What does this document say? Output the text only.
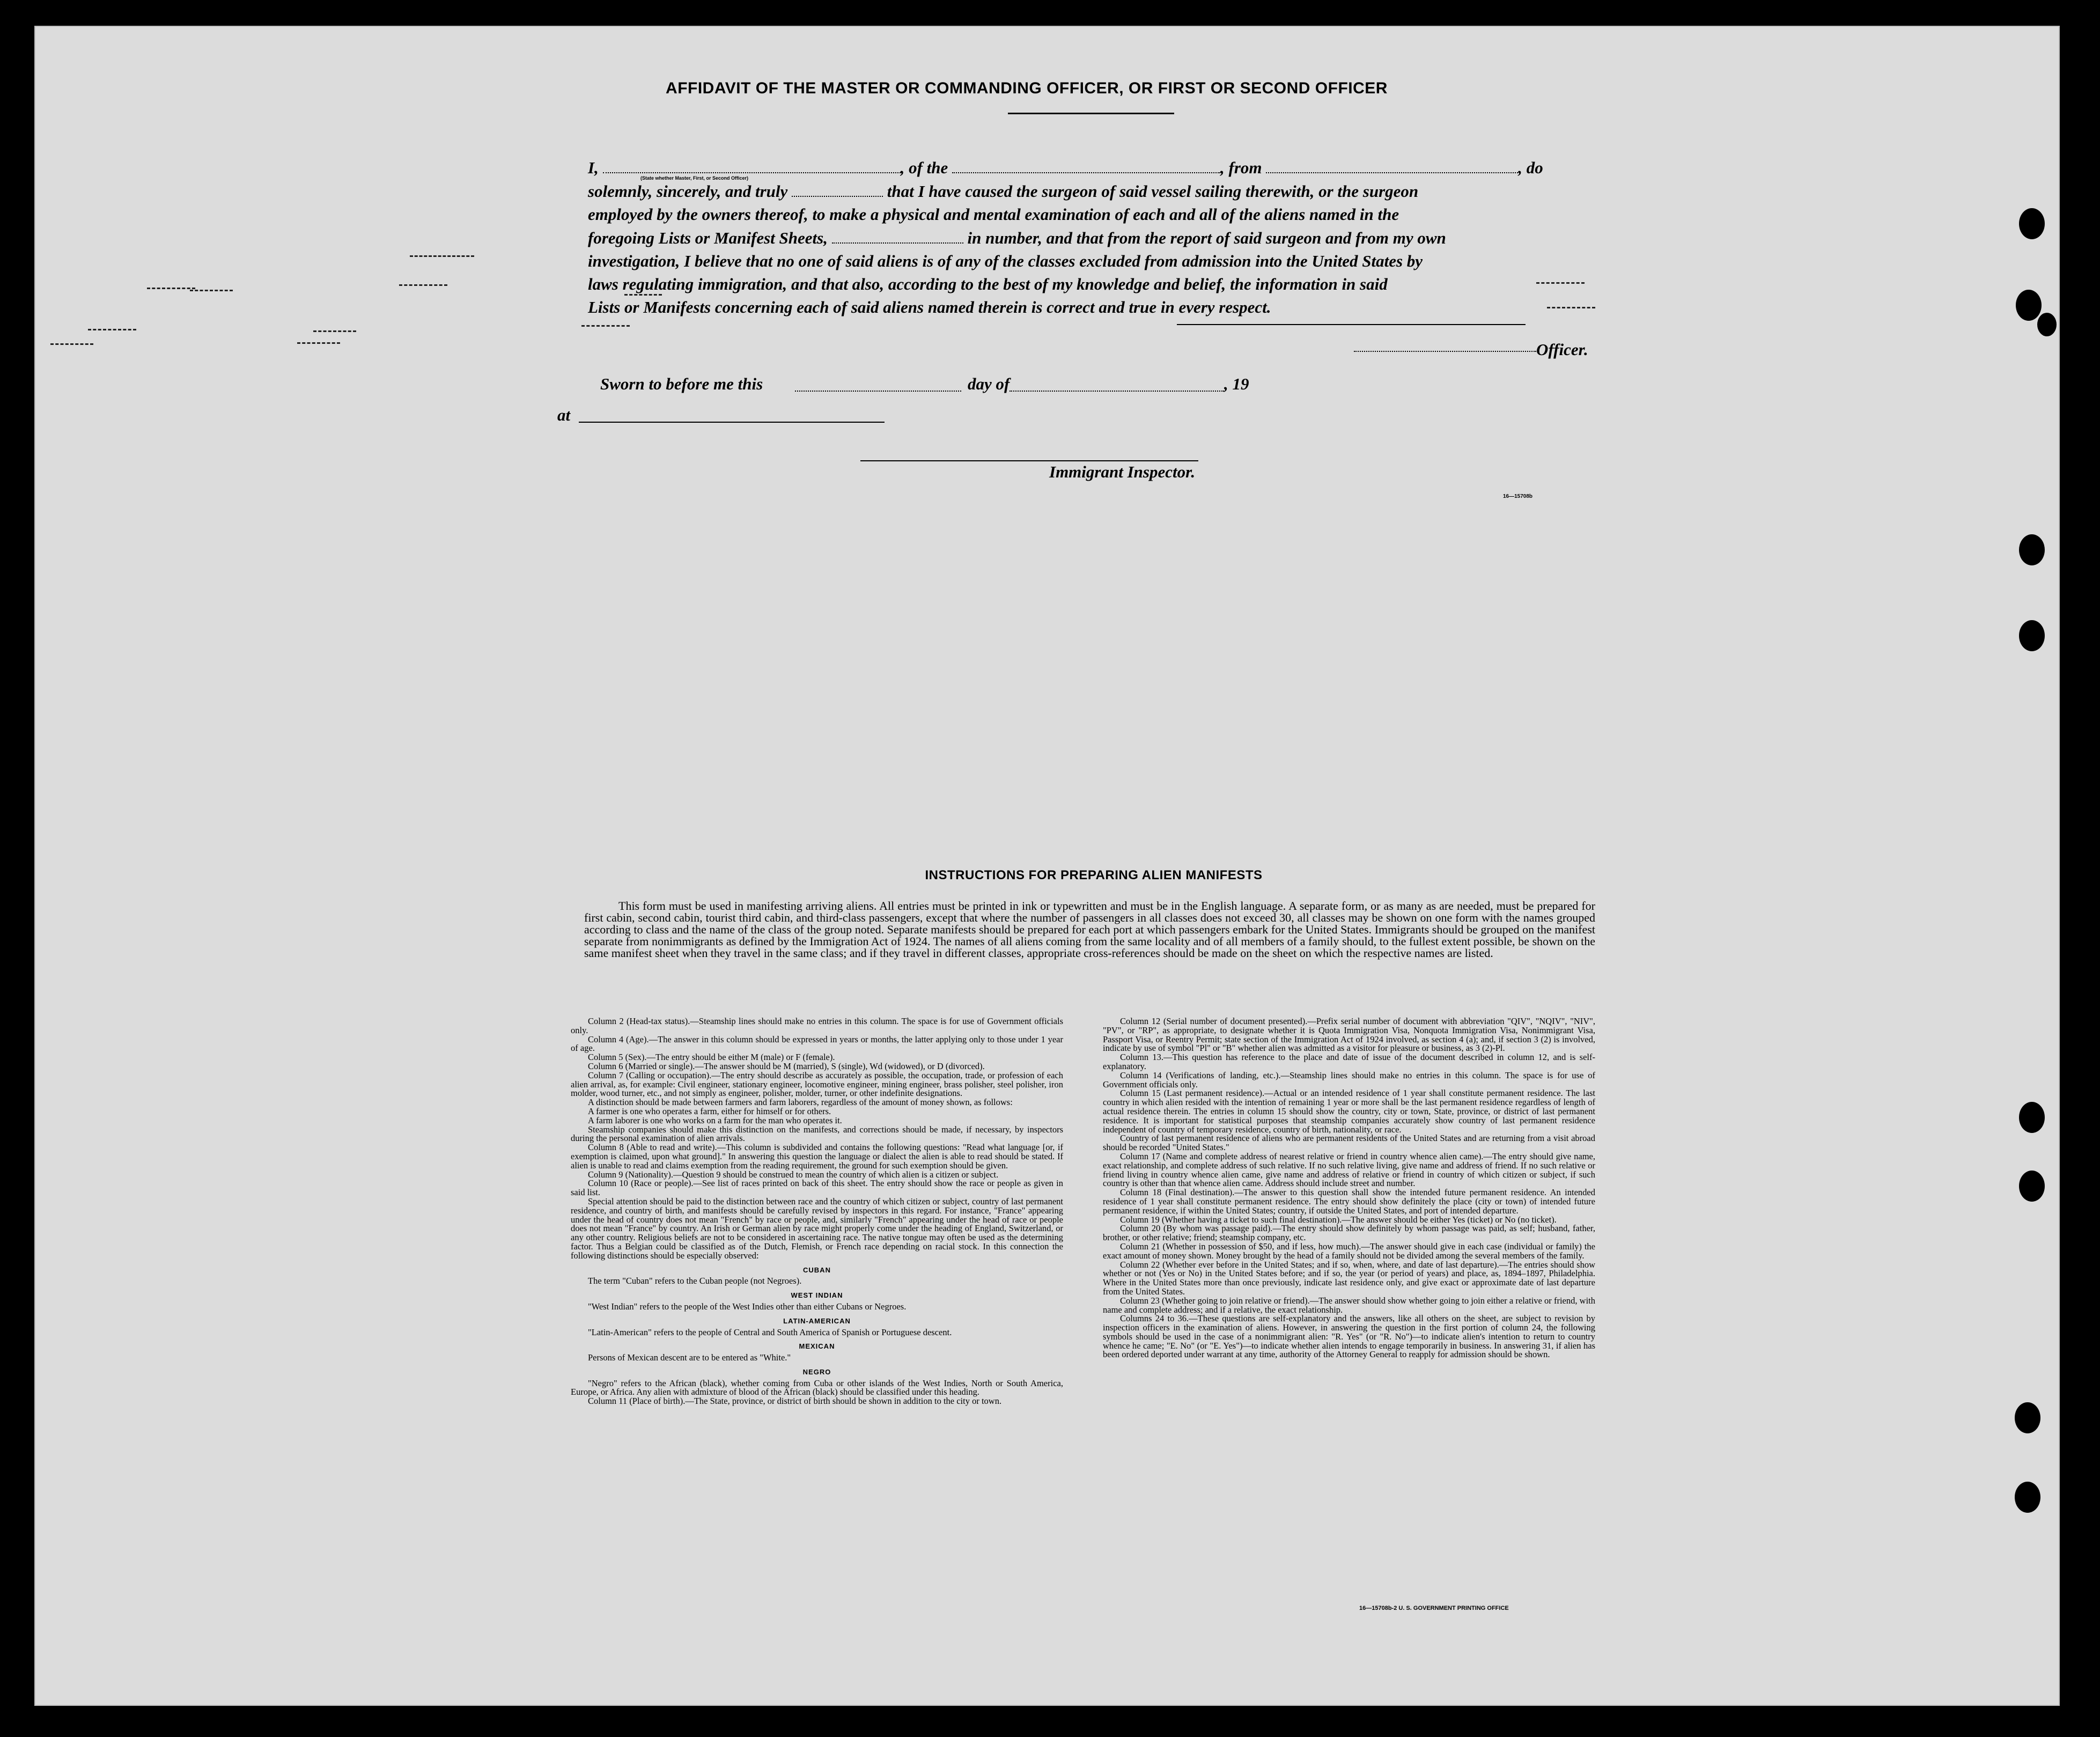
AFFIDAVIT OF THE MASTER OR COMMANDING OFFICER, OR FIRST OR SECOND OFFICER
I,	, of the	, from	, do
solemnly, sincerely, and truly	that I have caused the surgeon of said vessel sailing therewith, or the surgeon
employed by the owners thereof, to make a physical and mental examination of each and all of the aliens named in the
foregoing Lists or Manifest Sheets,	in number, and that from the report of said surgeon and from my own
investigation, I believe that no one of said aliens is of any of the classes excluded from admission into the United States by
laws regulating immigration, and that also, according to the best of my knowledge and belief, the information in said
Lists or Manifests concerning each of said aliens named therein is correct and true in every respect.
(State whether Master, First, or Second Officer)
Officer.
Sworn to before me this	day of	, 19
at
Immigrant Inspector.
16—15708b
INSTRUCTIONS FOR PREPARING ALIEN MANIFESTS
This form must be used in manifesting arriving aliens. All entries must be printed in ink or typewritten and must be in the English language. A separate form, or as many as are needed, must be prepared for first cabin, second cabin, tourist third cabin, and third-class passengers, except that where the number of passengers in all classes does not exceed 30, all classes may be shown on one form with the names grouped according to class and the name of the class of the group noted. Separate manifests should be prepared for each port at which passengers embark for the United States. Immigrants should be grouped on the manifest separate from nonimmigrants as defined by the Immigration Act of 1924. The names of all aliens coming from the same locality and of all members of a family should, to the fullest extent possible, be shown on the same manifest sheet when they travel in the same class; and if they travel in different classes, appropriate cross-references should be made on the sheet on which the respective names are listed.

Column 2 (Head-tax status).—Steamship lines should make no entries in this column. The space is for use of Government officials only.

Column 4 (Age).—The answer in this column should be expressed in years or months, the latter applying only to those under 1 year of age.

Column 5 (Sex).—The entry should be either M (male) or F (female).

Column 6 (Married or single).—The answer should be M (married), S (single), Wd (widowed), or D (divorced).

Column 7 (Calling or occupation).—The entry should describe as accurately as possible, the occupation, trade, or profession of each alien arrival, as, for example: Civil engineer, stationary engineer, locomotive engineer, mining engineer, brass polisher, steel polisher, iron molder, wood turner, etc., and not simply as engineer, polisher, molder, turner, or other indefinite designations.

A distinction should be made between farmers and farm laborers, regardless of the amount of money shown, as follows:

A farmer is one who operates a farm, either for himself or for others.

A farm laborer is one who works on a farm for the man who operates it.

Steamship companies should make this distinction on the manifests, and corrections should be made, if necessary, by inspectors during the personal examination of alien arrivals.

Column 8 (Able to read and write).—This column is subdivided and contains the following questions: "Read what language [or, if exemption is claimed, upon what ground]." In answering this question the language or dialect the alien is able to read should be stated. If alien is unable to read and claims exemption from the reading requirement, the ground for such exemption should be given.

Column 9 (Nationality).—Question 9 should be construed to mean the country of which alien is a citizen or subject.

Column 10 (Race or people).—See list of races printed on back of this sheet. The entry should show the race or people as given in said list.

Special attention should be paid to the distinction between race and the country of which citizen or subject, country of last permanent residence, and country of birth, and manifests should be carefully revised by inspectors in this regard. For instance, "France" appearing under the head of country does not mean "French" by race or people, and, similarly "French" appearing under the head of race or people does not mean "France" by country. An Irish or German alien by race might properly come under the heading of England, Switzerland, or any other country. Religious beliefs are not to be considered in ascertaining race. The native tongue may often be used as the determining factor. Thus a Belgian could be classified as of the Dutch, Flemish, or French race depending on racial stock. In this connection the following distinctions should be especially observed:

CUBAN

The term "Cuban" refers to the Cuban people (not Negroes).

WEST INDIAN

"West Indian" refers to the people of the West Indies other than either Cubans or Negroes.

LATIN-AMERICAN

"Latin-American" refers to the people of Central and South America of Spanish or Portuguese descent.

MEXICAN

Persons of Mexican descent are to be entered as "White."

NEGRO

"Negro" refers to the African (black), whether coming from Cuba or other islands of the West Indies, North or South America, Europe, or Africa. Any alien with admixture of blood of the African (black) should be classified under this heading.

Column 11 (Place of birth).—The State, province, or district of birth should be shown in addition to the city or town.

Column 12 (Serial number of document presented).—Prefix serial number of document with abbreviation "QIV", "NQIV", "NIV", "PV", or "RP", as appropriate, to designate whether it is Quota Immigration Visa, Nonquota Immigration Visa, Nonimmigrant Visa, Passport Visa, or Reentry Permit; state section of the Immigration Act of 1924 involved, as section 4 (a); and, if section 3 (2) is involved, indicate by use of symbol "Pl" or "B" whether alien was admitted as a visitor for pleasure or business, as 3 (2)-Pl.

Column 13.—This question has reference to the place and date of issue of the document described in column 12, and is self-explanatory.

Column 14 (Verifications of landing, etc.).—Steamship lines should make no entries in this column. The space is for use of Government officials only.

Column 15 (Last permanent residence).—Actual or an intended residence of 1 year shall constitute permanent residence. The last country in which alien resided with the intention of remaining 1 year or more shall be the last permanent residence regardless of length of actual residence therein. The entries in column 15 should show the country, city or town, State, province, or district of last permanent residence. It is important for statistical purposes that steamship companies accurately show country of last permanent residence independent of country of temporary residence, country of birth, nationality, or race.

Country of last permanent residence of aliens who are permanent residents of the United States and are returning from a visit abroad should be recorded "United States."

Column 17 (Name and complete address of nearest relative or friend in country whence alien came).—The entry should give name, exact relationship, and complete address of such relative. If no such relative living, give name and address of friend. If no such relative or friend living in country whence alien came, give name and address of relative or friend in country of which citizen or subject, if such country is other than that whence alien came. Address should include street and number.

Column 18 (Final destination).—The answer to this question shall show the intended future permanent residence. An intended residence of 1 year shall constitute permanent residence. The entry should show definitely the place (city or town) of intended future permanent residence, if within the United States; country, if outside the United States, and port of intended departure.

Column 19 (Whether having a ticket to such final destination).—The answer should be either Yes (ticket) or No (no ticket).

Column 20 (By whom was passage paid).—The entry should show definitely by whom passage was paid, as self; husband, father, brother, or other relative; friend; steamship company, etc.

Column 21 (Whether in possession of $50, and if less, how much).—The answer should give in each case (individual or family) the exact amount of money shown. Money brought by the head of a family should not be divided among the several members of the family.

Column 22 (Whether ever before in the United States; and if so, when, where, and date of last departure).—The entries should show whether or not (Yes or No) in the United States before; and if so, the year (or period of years) and place, as, 1894–1897, Philadelphia. Where in the United States more than once previously, indicate last residence only, and give exact or approximate date of last departure from the United States.

Column 23 (Whether going to join relative or friend).—The answer should show whether going to join either a relative or friend, with name and complete address; and if a relative, the exact relationship.

Columns 24 to 36.—These questions are self-explanatory and the answers, like all others on the sheet, are subject to revision by inspection officers in the examination of aliens. However, in answering the question in the first portion of column 24, the following symbols should be used in the case of a nonimmigrant alien: "R. Yes" (or "R. No")—to indicate alien's intention to return to country whence he came; "E. No" (or "E. Yes")—to indicate whether alien intends to engage temporarily in business. In answering 31, if alien has been ordered deported under warrant at any time, authority of the Attorney General to reapply for admission should be shown.

16—15708b-2 U. S. GOVERNMENT PRINTING OFFICE
